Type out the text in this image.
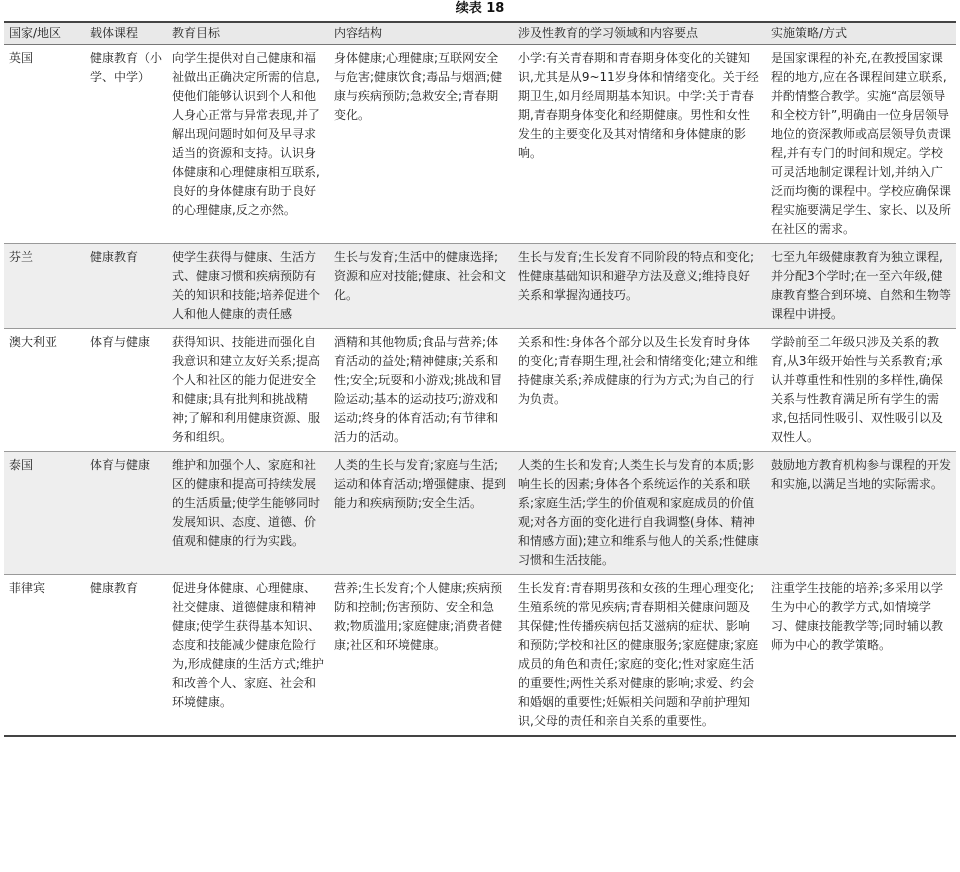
续表 18
国家/地区	载体课程	教育目标	内容结构	涉及性教育的学习领域和内容要点	实施策略/方式
英国	健康教育（小学、中学）	向学生提供对自己健康和福祉做出正确决定所需的信息,使他们能够认识到个人和他人身心正常与异常表现,并了解出现问题时如何及早寻求适当的资源和支持。认识身体健康和心理健康相互联系,良好的身体健康有助于良好的心理健康,反之亦然。	身体健康;心理健康;互联网安全与危害;健康饮食;毒品与烟酒;健康与疾病预防;急救安全;青春期变化。	小学:有关青春期和青春期身体变化的关键知识,尤其是从9~11岁身体和情绪变化。关于经期卫生,如月经周期基本知识。中学:关于青春期,青春期身体变化和经期健康。男性和女性发生的主要变化及其对情绪和身体健康的影响。	是国家课程的补充,在教授国家课程的地方,应在各课程间建立联系,并酌情整合教学。实施“高层领导和全校方针”,明确由一位身居领导地位的资深教师或高层领导负责课程,并有专门的时间和规定。学校可灵活地制定课程计划,并纳入广泛而均衡的课程中。学校应确保课程实施要满足学生、家长、以及所在社区的需求。
芬兰	健康教育	使学生获得与健康、生活方式、健康习惯和疾病预防有关的知识和技能;培养促进个人和他人健康的责任感	生长与发育;生活中的健康选择;资源和应对技能;健康、社会和文化。	生长与发育;生长发育不同阶段的特点和变化;性健康基础知识和避孕方法及意义;维持良好关系和掌握沟通技巧。	七至九年级健康教育为独立课程,并分配3个学时;在一至六年级,健康教育整合到环境、自然和生物等课程中讲授。
澳大利亚	体育与健康	获得知识、技能进而强化自我意识和建立友好关系;提高个人和社区的能力促进安全和健康;具有批判和挑战精神;了解和利用健康资源、服务和组织。	酒精和其他物质;食品与营养;体育活动的益处;精神健康;关系和性;安全;玩耍和小游戏;挑战和冒险运动;基本的运动技巧;游戏和运动;终身的体育活动;有节律和活力的活动。	关系和性:身体各个部分以及生长发育时身体的变化;青春期生理,社会和情绪变化;建立和维持健康关系;养成健康的行为方式;为自己的行为负责。	学龄前至二年级只涉及关系的教育,从3年级开始性与关系教育;承认并尊重性和性别的多样性,确保关系与性教育满足所有学生的需求,包括同性吸引、双性吸引以及双性人。
泰国	体育与健康	维护和加强个人、家庭和社区的健康和提高可持续发展的生活质量;使学生能够同时发展知识、态度、道德、价值观和健康的行为实践。	人类的生长与发育;家庭与生活;运动和体育活动;增强健康、提到能力和疾病预防;安全生活。	人类的生长和发育;人类生长与发育的本质;影响生长的因素;身体各个系统运作的关系和联系;家庭生活;学生的价值观和家庭成员的价值观;对各方面的变化进行自我调整(身体、精神和情感方面);建立和维系与他人的关系;性健康习惯和生活技能。	鼓励地方教育机构参与课程的开发和实施,以满足当地的实际需求。
菲律宾	健康教育	促进身体健康、心理健康、社交健康、道德健康和精神健康;使学生获得基本知识、态度和技能减少健康危险行为,形成健康的生活方式;维护和改善个人、家庭、社会和环境健康。	营养;生长发育;个人健康;疾病预防和控制;伤害预防、安全和急救;物质滥用;家庭健康;消费者健康;社区和环境健康。	生长发育:青春期男孩和女孩的生理心理变化;生殖系统的常见疾病;青春期相关健康问题及其保健;性传播疾病包括艾滋病的症状、影响和预防;学校和社区的健康服务;家庭健康;家庭成员的角色和责任;家庭的变化;性对家庭生活的重要性;两性关系对健康的影响;求爱、约会和婚姻的重要性;妊娠相关问题和孕前护理知识,父母的责任和亲自关系的重要性。	注重学生技能的培养;多采用以学生为中心的教学方式,如情境学习、健康技能教学等;同时辅以教师为中心的教学策略。
